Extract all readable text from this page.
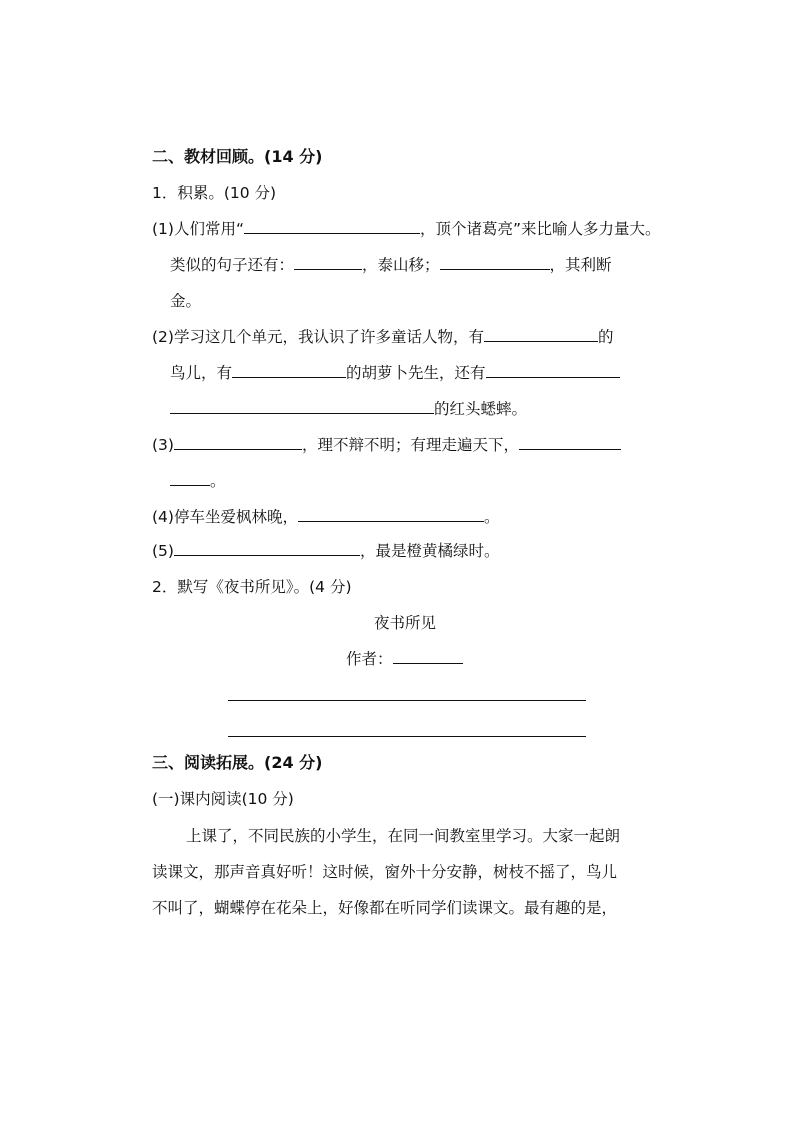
二、教材回顾。(14 分)
1．积累。(10 分)
(1)人们常用“	，顶个诸葛亮”来比喻人多力量大。
类似的句子还有：	，泰山移；	，其利断
金。
(2)学习这几个单元，我认识了许多童话人物，有	的
鸟儿，有	的胡萝卜先生，还有
的红头蟋蟀。
(3)	，理不辩不明；有理走遍天下，
。
(4)停车坐爱枫林晚，	。
(5)	，最是橙黄橘绿时。
2．默写《夜书所见》。(4 分)
夜书所见
作者：
三、阅读拓展。(24 分)
(一)课内阅读(10 分)
上课了，不同民族的小学生，在同一间教室里学习。大家一起朗
读课文，那声音真好听！这时候，窗外十分安静，树枝不摇了，鸟儿
不叫了，蝴蝶停在花朵上，好像都在听同学们读课文。最有趣的是，
